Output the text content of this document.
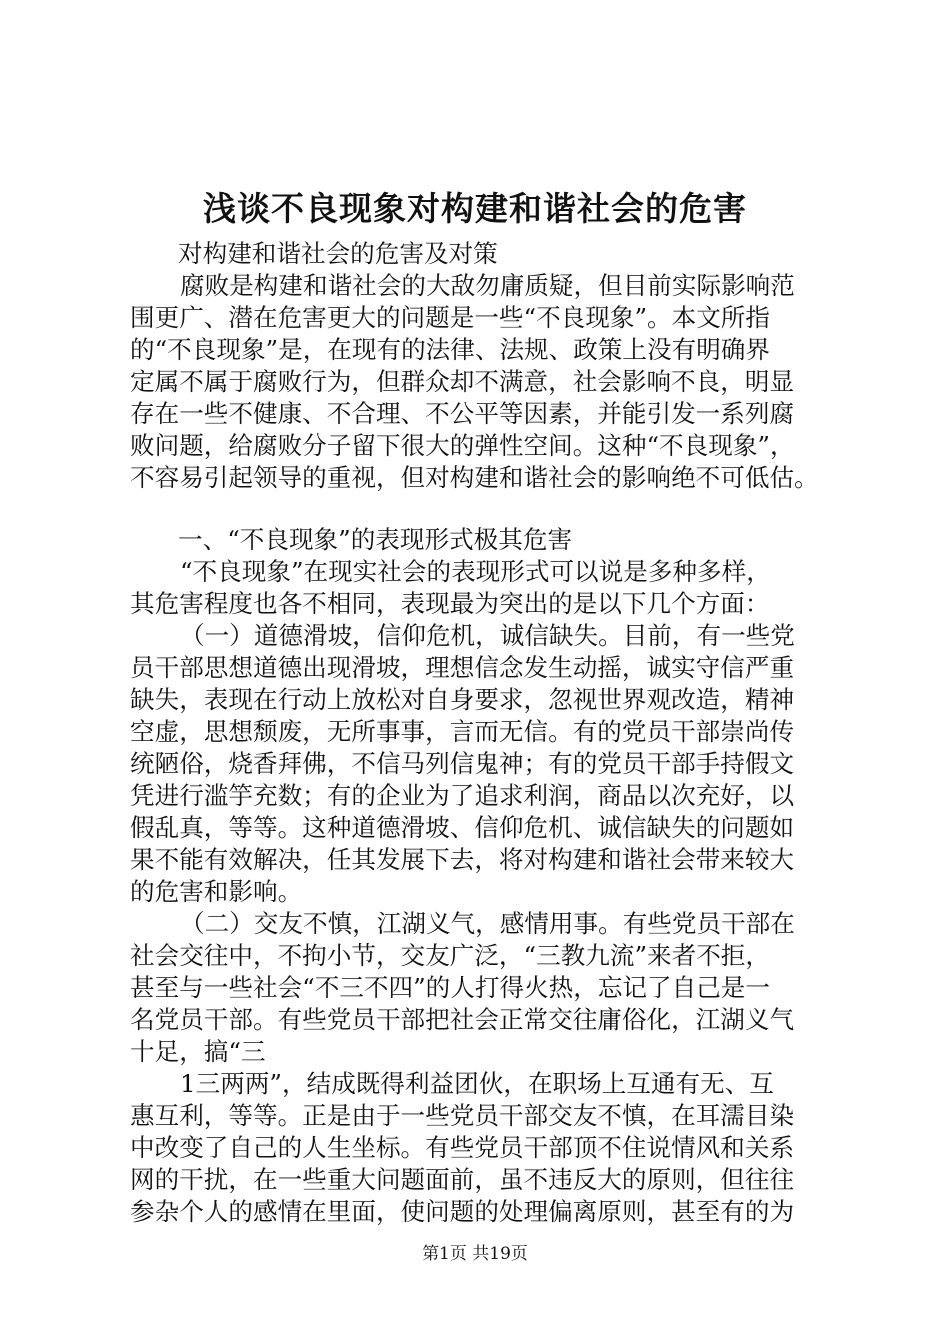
浅谈不良现象对构建和谐社会的危害
对构建和谐社会的危害及对策
腐败是构建和谐社会的大敌勿庸质疑，但目前实际影响范
围更广、潜在危害更大的问题是一些“不良现象”。本文所指
的“不良现象”是，在现有的法律、法规、政策上没有明确界
定属不属于腐败行为，但群众却不满意，社会影响不良，明显
存在一些不健康、不合理、不公平等因素，并能引发一系列腐
败问题，给腐败分子留下很大的弹性空间。这种“不良现象”，
不容易引起领导的重视，但对构建和谐社会的影响绝不可低估。
一、“不良现象”的表现形式极其危害
“不良现象”在现实社会的表现形式可以说是多种多样，
其危害程度也各不相同，表现最为突出的是以下几个方面：
（一）道德滑坡，信仰危机，诚信缺失。目前，有一些党
员干部思想道德出现滑坡，理想信念发生动摇，诚实守信严重
缺失，表现在行动上放松对自身要求，忽视世界观改造，精神
空虚，思想颓废，无所事事，言而无信。有的党员干部崇尚传
统陋俗，烧香拜佛，不信马列信鬼神；有的党员干部手持假文
凭进行滥竽充数；有的企业为了追求利润，商品以次充好，以
假乱真，等等。这种道德滑坡、信仰危机、诚信缺失的问题如
果不能有效解决，任其发展下去，将对构建和谐社会带来较大
的危害和影响。
（二）交友不慎，江湖义气，感情用事。有些党员干部在
社会交往中，不拘小节，交友广泛，“三教九流”来者不拒，
甚至与一些社会“不三不四”的人打得火热，忘记了自己是一
名党员干部。有些党员干部把社会正常交往庸俗化，江湖义气
十足，搞“三
1三两两”，结成既得利益团伙，在职场上互通有无、互
惠互利，等等。正是由于一些党员干部交友不慎，在耳濡目染
中改变了自己的人生坐标。有些党员干部顶不住说情风和关系
网的干扰，在一些重大问题面前，虽不违反大的原则，但往往
参杂个人的感情在里面，使问题的处理偏离原则，甚至有的为
第1页 共19页
